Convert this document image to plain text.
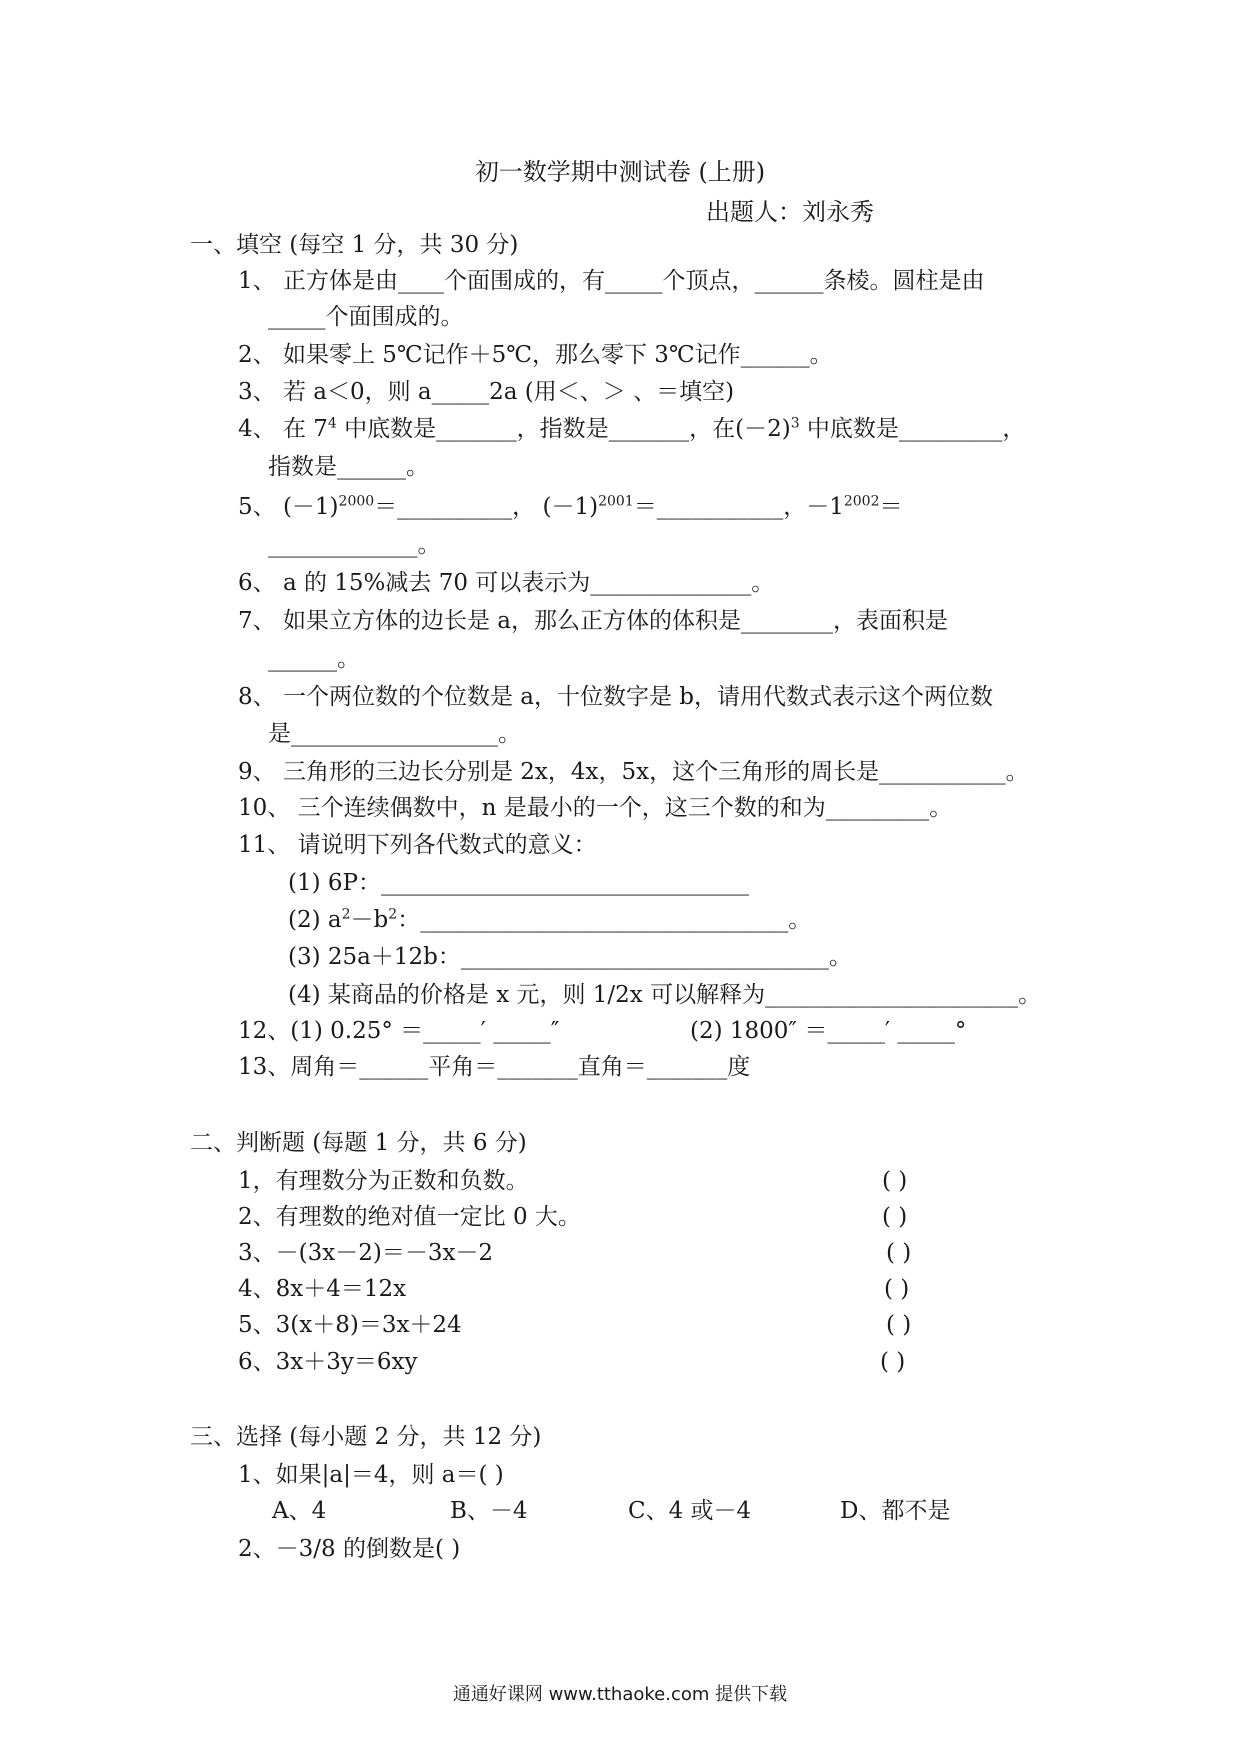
初一数学期中测试卷 (上册)
出题人：刘永秀
一、填空 (每空 1 分，共 30 分)
1、 正方体是由____个面围成的，有_____个顶点，______条棱。圆柱是由
_____个面围成的。
2、 如果零上 5℃记作＋5℃，那么零下 3℃记作______。
3、 若 a＜0，则 a_____2a (用＜、＞ 、＝填空)
4、 在 $7^4$ 中底数是_______，指数是_______，在$(-2)^3$ 中底数是_________，
指数是______。
5、 $(-1)^{2000}=\_\_\_\_\_\_\_\_\_\_$， $(-1)^{2001}=\_\_\_\_\_\_\_\_\_\_\_$，$-1^{2002}=$
_____________。
6、 a 的 15%减去 70 可以表示为______________。
7、 如果立方体的边长是 a，那么正方体的体积是________，表面积是
______。
8、 一个两位数的个位数是 a，十位数字是 b，请用代数式表示这个两位数
是__________________。
9、 三角形的三边长分别是 2x，4x，5x，这个三角形的周长是___________。
10、 三个连续偶数中，n 是最小的一个，这三个数的和为_________。
11、 请说明下列各代数式的意义：
(1) 6P：________________________________
(2) $a^2-b^2$：________________________________。
(3) 25a＋12b：________________________________。
(4) 某商品的价格是 x 元，则 1/2x 可以解释为______________________。
12、(1) 0.25° ＝_____′ _____″	(2) 1800″ ＝_____′ _____°
13、周角＝______平角＝_______直角＝_______度
二、判断题 (每题 1 分，共 6 分)
1，有理数分为正数和负数。	( )
2、有理数的绝对值一定比 0 大。	( )
3、－(3x－2)＝－3x－2	( )
4、8x＋4＝12x	( )
5、3(x＋8)＝3x＋24	( )
6、3x＋3y＝6xy	( )
三、选择 (每小题 2 分，共 12 分)
1、如果|a|＝4，则 a＝( )
A、4	B、－4	C、4 或－4	D、都不是
2、－3/8 的倒数是( )
通通好课网 www.tthaoke.com 提供下载
